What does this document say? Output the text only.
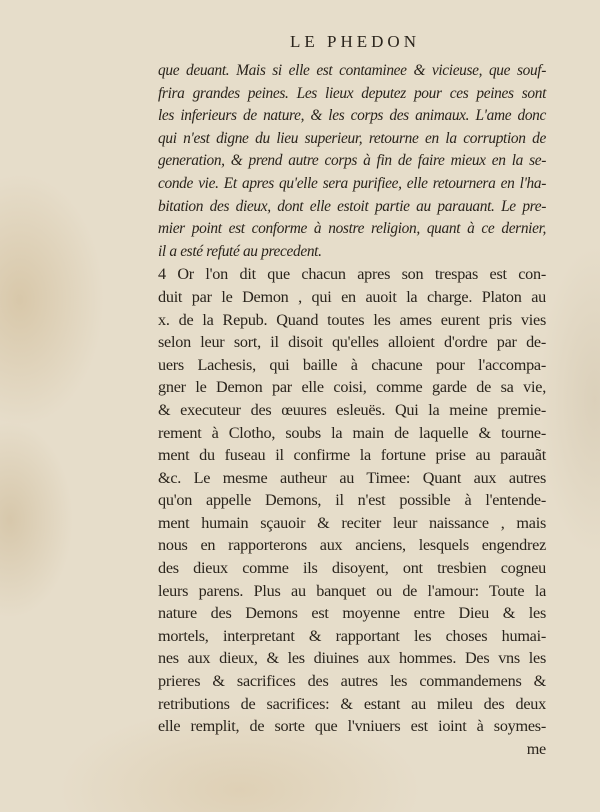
LE PHEDON
que deuant. Mais si elle est contaminee & vicieuse, que souf-
frira grandes peines. Les lieux deputez pour ces peines sont
les inferieurs de nature, & les corps des animaux. L'ame donc
qui n'est digne du lieu superieur, retourne en la corruption de
generation, & prend autre corps à fin de faire mieux en la se-
conde vie. Et apres qu'elle sera purifiee, elle retournera en l'ha-
bitation des dieux, dont elle estoit partie au parauant. Le pre-
mier point est conforme à nostre religion, quant à ce dernier,
il a esté refuté au precedent.
4 Or l'on dit que chacun apres son trespas est con-
duit par le Demon , qui en auoit la charge. Platon au
x. de la Repub. Quand toutes les ames eurent pris vies
selon leur sort, il disoit qu'elles alloient d'ordre par de-
uers Lachesis, qui baille à chacune pour l'accompa-
gner le Demon par elle coisi, comme garde de sa vie,
& executeur des œuures esleuës. Qui la meine premie-
rement à Clotho, soubs la main de laquelle & tourne-
ment du fuseau il confirme la fortune prise au parauãt
&c. Le mesme autheur au Timee: Quant aux autres
qu'on appelle Demons, il n'est possible à l'entende-
ment humain sçauoir & reciter leur naissance , mais
nous en rapporterons aux anciens, lesquels engendrez
des dieux comme ils disoyent, ont tresbien cogneu
leurs parens. Plus au banquet ou de l'amour: Toute la
nature des Demons est moyenne entre Dieu & les
mortels, interpretant & rapportant les choses humai-
nes aux dieux, & les diuines aux hommes. Des vns les
prieres & sacrifices des autres les commandemens &
retributions de sacrifices: & estant au mileu des deux
elle remplit, de sorte que l'vniuers est ioint à soymes-
me
